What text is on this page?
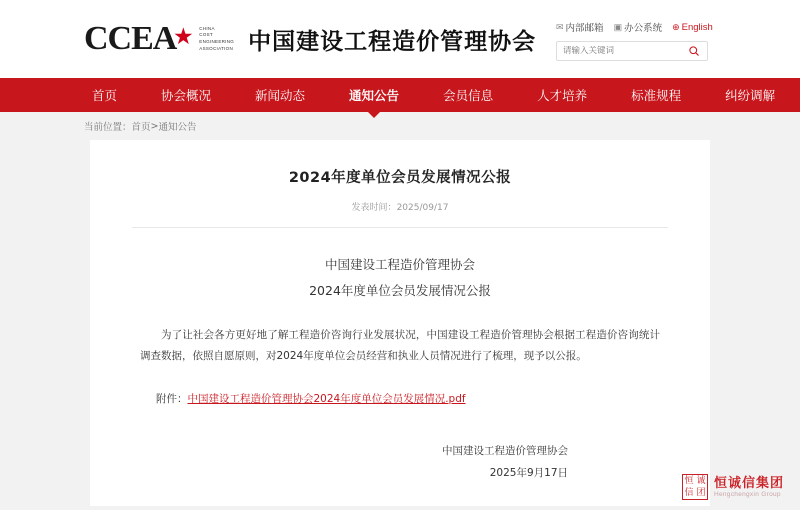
CCEA★	CHINA
COST
ENGINEERING
ASSOCIATION 中国建设工程造价管理协会
✉ 内部邮箱 ▣ 办公系统 ⊕ English
请输入关键词
首页	协会概况	新闻动态	通知公告	会员信息	人才培养	标准规程	纠纷调解
当前位置： 首页 > 通知公告
2024年度单位会员发展情况公报
发表时间：2025/09/17
中国建设工程造价管理协会
2024年度单位会员发展情况公报
为了让社会各方更好地了解工程造价咨询行业发展状况，中国建设工程造价管理协会根据工程造价咨询统计调查数据，依照自愿原则，对2024年度单位会员经营和执业人员情况进行了梳理，现予以公报。
附件：中国建设工程造价管理协会2024年度单位会员发展情况.pdf
中国建设工程造价管理协会
2025年9月17日
恒 诚
信 团
恒诚信集团
Hengchengxin Group
